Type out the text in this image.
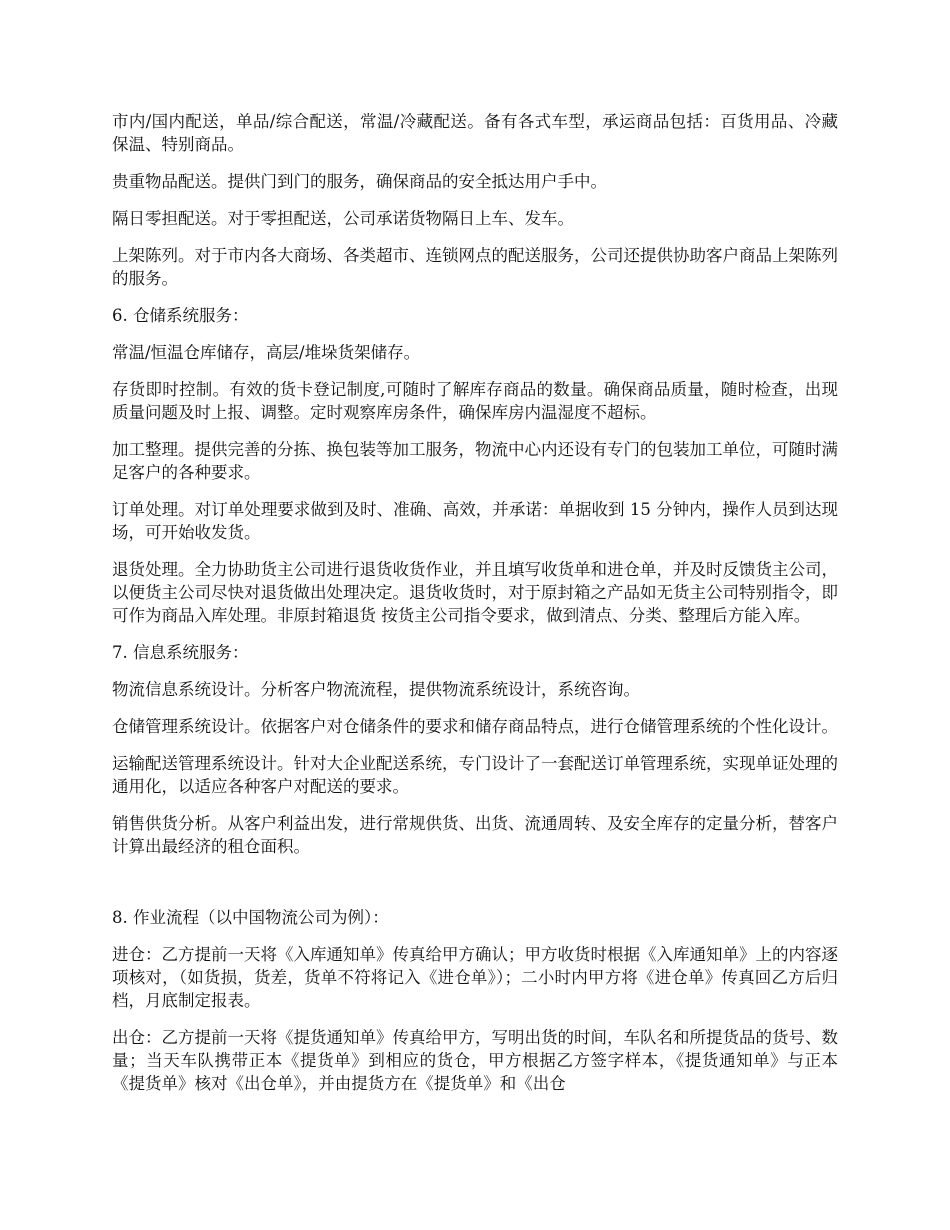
市内/国内配送，单品/综合配送，常温/冷藏配送。备有各式车型，承运商品包括：百货用品、冷藏保温、特别商品。

贵重物品配送。提供门到门的服务，确保商品的安全抵达用户手中。

隔日零担配送。对于零担配送，公司承诺货物隔日上车、发车。

上架陈列。对于市内各大商场、各类超市、连锁网点的配送服务，公司还提供协助客户商品上架陈列的服务。

6. 仓储系统服务：

常温/恒温仓库储存，高层/堆垛货架储存。

存货即时控制。有效的货卡登记制度,可随时了解库存商品的数量。确保商品质量，随时检查，出现质量问题及时上报、调整。定时观察库房条件，确保库房内温湿度不超标。

加工整理。提供完善的分拣、换包装等加工服务，物流中心内还设有专门的包装加工单位，可随时满足客户的各种要求。

订单处理。对订单处理要求做到及时、准确、高效，并承诺：单据收到 15 分钟内，操作人员到达现场，可开始收发货。

退货处理。全力协助货主公司进行退货收货作业，并且填写收货单和进仓单，并及时反馈货主公司，以便货主公司尽快对退货做出处理决定。退货收货时，对于原封箱之产品如无货主公司特别指令，即可作为商品入库处理。非原封箱退货 按货主公司指令要求，做到清点、分类、整理后方能入库。

7. 信息系统服务：

物流信息系统设计。分析客户物流流程，提供物流系统设计，系统咨询。

仓储管理系统设计。依据客户对仓储条件的要求和储存商品特点，进行仓储管理系统的个性化设计。

运输配送管理系统设计。针对大企业配送系统，专门设计了一套配送订单管理系统，实现单证处理的通用化，以适应各种客户对配送的要求。

销售供货分析。从客户利益出发，进行常规供货、出货、流通周转、及安全库存的定量分析，替客户计算出最经济的租仓面积。

8. 作业流程（以中国物流公司为例）：

进仓：乙方提前一天将《入库通知单》传真给甲方确认；甲方收货时根据《入库通知单》上的内容逐项核对，（如货损，货差，货单不符将记入《进仓单》）；二小时内甲方将《进仓单》传真回乙方后归档，月底制定报表。

出仓：乙方提前一天将《提货通知单》传真给甲方，写明出货的时间，车队名和所提货品的货号、数量；当天车队携带正本《提货单》到相应的货仓，甲方根据乙方签字样本，《提货通知单》与正本《提货单》核对《出仓单》，并由提货方在《提货单》和《出仓
